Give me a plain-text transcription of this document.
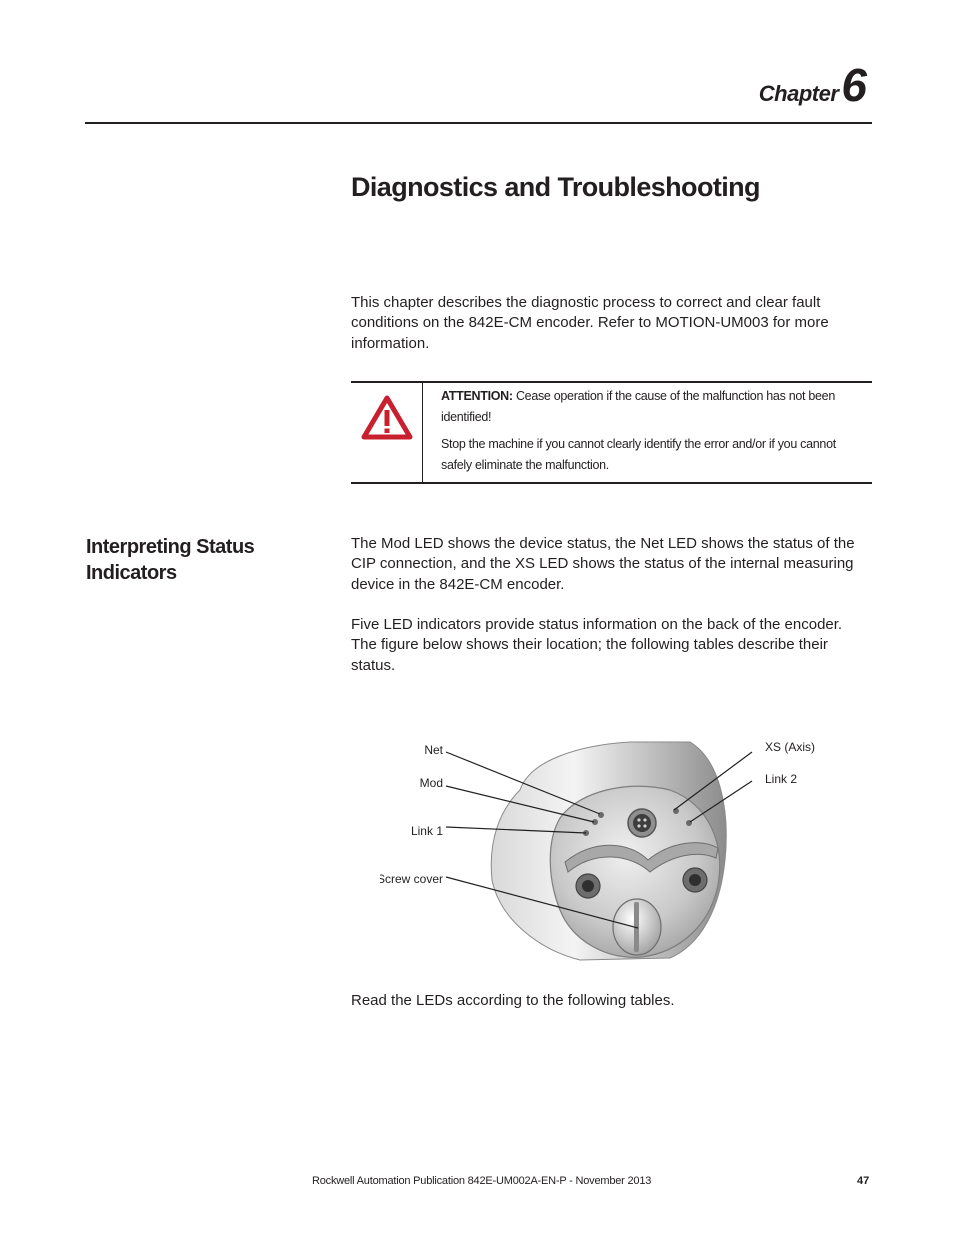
Chapter6
Diagnostics and Troubleshooting
This chapter describes the diagnostic process to correct and clear fault conditions on the 842E-CM encoder. Refer to MOTION-UM003 for more information.

ATTENTION: Cease operation if the cause of the malfunction has not been identified!

Stop the machine if you cannot clearly identify the error and/or if you cannot safely eliminate the malfunction.

Interpreting Status Indicators
The Mod LED shows the device status, the Net LED shows the status of the CIP connection, and the XS LED shows the status of the internal measuring device in the 842E-CM encoder.
Five LED indicators provide status information on the back of the encoder. The figure below shows their location; the following tables describe their status.
Net
Mod
Link 1
Screw cover
XS (Axis)
Link 2
Read the LEDs according to the following tables.
Rockwell Automation Publication 842E-UM002A-EN-P - November 2013	47
